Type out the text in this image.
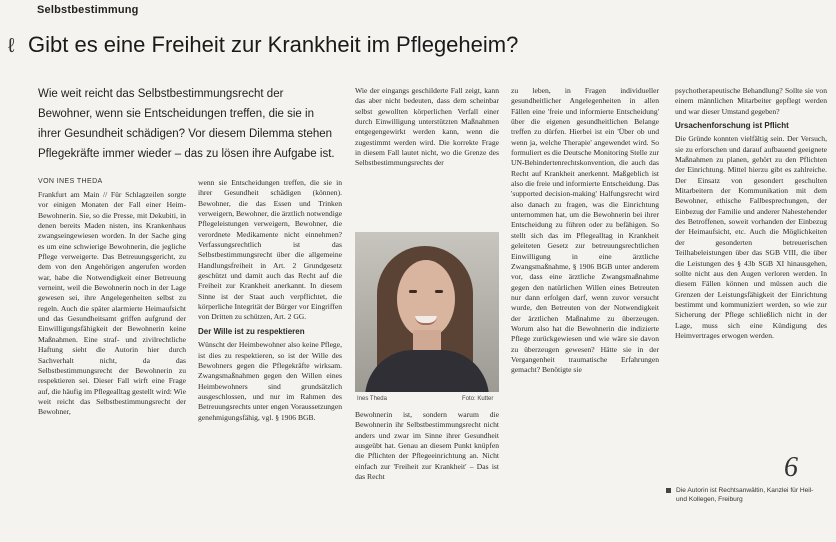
Selbstbestimmung
ℓ Gibt es eine Freiheit zur Krankheit im Pflegeheim?
Wie weit reicht das Selbstbestimmungsrecht der Bewohner, wenn sie Entscheidungen treffen, die sie in ihrer Gesundheit schädigen? Vor diesem Dilemma stehen Pflegekräfte immer wieder – das zu lösen ihre Aufgabe ist.
VON INES THEDA
Frankfurt am Main // Für Schlagzeilen sorgte vor einigen Monaten der Fall einer Heim-Bewohnerin. Sie, so die Presse, mit Dekubiti, in denen bereits Maden nisten, ins Krankenhaus zwangseingewiesen worden. In der Sache ging es um eine schwierige Bewohnerin, die jegliche Pflege verweigerte. Das Betreuungsgericht, zu dem von den Angehörigen angerufen worden war, habe die Notwendigkeit einer Betreuung verneint, weil die Bewohnerin noch in der Lage gewesen sei, ihre Angelegenheiten selbst zu regeln. Auch die später alarmierte Heimaufsicht und das Gesundheitsamt griffen aufgrund der Einwilligungsfähigkeit der Bewohnerin keine Maßnahmen. Eine straf- und zivilrechtliche Haftung sieht die Autorin hier durch Sachverhalt nicht, da das Selbstbestimmungsrecht der Bewohnerin zu respektieren sei. Dieser Fall wirft eine Frage auf, die häufig im Pflegealltag gestellt wird: Wie weit reicht das Selbstbestimmungsrecht der Bewohner,
wenn sie Entscheidungen treffen, die sie in ihrer Gesundheit schädigen (können). Bewohner, die das Essen und Trinken verweigern, Bewohner, die ärztlich notwendige Pflegeleistungen verweigern, Bewohner, die verordnete Medikamente nicht einnehmen? Verfassungsrechtlich ist das Selbstbestimmungsrecht über die allgemeine Handlungsfreiheit in Art. 2 Grundgesetz geschützt und damit auch das Recht auf die Freiheit zur Krankheit anerkannt. In diesem Sinne ist der Staat auch verpflichtet, die körperliche Integrität der Bürger vor Eingriffen von Dritten zu schützen, Art. 2 GG.
Der Wille ist zu respektieren
Wünscht der Heimbewohner also keine Pflege, ist dies zu respektieren, so ist der Wille des Bewohners gegen die Pflegekräfte wirksam. Zwangsmaßnahmen gegen den Willen eines Heimbewohners sind grundsätzlich ausgeschlossen, und nur im Rahmen des Betreuungsrechts unter engen Voraussetzungen genehmigungsfähig, vgl. § 1906 BGB.
Wie der eingangs geschilderte Fall zeigt, kann das aber nicht bedeuten, dass dem scheinbar selbst gewollten körperlichen Verfall einer durch Einwilligung unterstützten Maßnahmen entgegengewirkt werden kann, wenn die zugestimmt werden wird. Die korrekte Frage in diesem Fall lautet nicht, wo die Grenze des Selbstbestimmungsrechts der
Ines Theda	Foto: Kutter
Bewohnerin ist, sondern warum die Bewohnerin ihr Selbstbestimmungsrecht nicht anders und zwar im Sinne ihrer Gesundheit ausgeübt hat. Genau an diesem Punkt knüpfen die Pflichten der Pflegeeinrichtung an. Nicht einfach zur 'Freiheit zur Krankheit' – Das ist das Recht
zu leben, in Fragen individueller gesundheitlicher Angelegenheiten in allen Fällen eine 'freie und informierte Entscheidung' über die eigenen gesundheitlichen Belange treffen zu dürfen. Hierbei ist ein 'Über ob und wenn ja, welche Therapie' angewendet wird. So formuliert es die Deutsche Monitoring Stelle zur UN-Behindertenrechtskonvention, die auch das Recht auf Krankheit anerkennt. Maßgeblich ist also die freie und informierte Entscheidung. Das 'supported decision-making' Halfungsrecht wird also danach zu fragen, was die Einrichtung unternommen hat, um die Bewohnerin bei ihrer Entscheidung zu führen oder zu befähigen. So stellt sich das im Pflegealltag in Krankheit geleiteten Gesetz zur betreuungsrechtlichen Einwilligung in eine ärztliche Zwangsmaßnahme, § 1906 BGB unter anderem vor, dass eine ärztliche Zwangsmaßnahme gegen den natürlichen Willen eines Betreuten nur dann erfolgen darf, wenn zuvor versucht wurde, den Betreuten von der Notwendigkeit der ärztlichen Maßnahme zu überzeugen. Worum also hat die Bewohnerin die indizierte Pflege zurückgewiesen und wie wäre sie davon zu überzeugen gewesen? Hätte sie in der Vergangenheit traumatische Erfahrungen gemacht? Benötigte sie
psychotherapeutische Behandlung? Sollte sie von einem männlichen Mitarbeiter gepflegt werden und war dieser Umstand gegeben?
Ursachenforschung ist Pflicht
Die Gründe konnten vielfältig sein. Der Versuch, sie zu erforschen und darauf aufbauend geeignete Maßnahmen zu planen, gehört zu den Pflichten der Einrichtung. Mittel hierzu gibt es zahlreiche. Der Einsatz von gesondert geschulten Mitarbeitern der Kommunikation mit dem Bewohner, ethische Fallbesprechungen, der Einbezug der Familie und anderer Nahestehender des Betroffenen, soweit vorhanden der Einbezug der Heimaufsicht, etc. Auch die Möglichkeiten der gesonderten betreuerischen Teilhabeleistungen über das SGB VIII, die über die Leistungen des § 43b SGB XI hinausgehen, sollte nicht aus den Augen verloren werden. In diesem Fällen können und müssen auch die Grenzen der Leistungsfähigkeit der Einrichtung bestimmt und kommuniziert werden, so wie zur Sicherung der Pflege schließlich nicht in der Lage, muss sich eine Kündigung des Heimvertrages erwogen werden.
6
Die Autorin ist Rechtsanwältin, Kanzlei für Heil- und Kollegen, Freiburg
